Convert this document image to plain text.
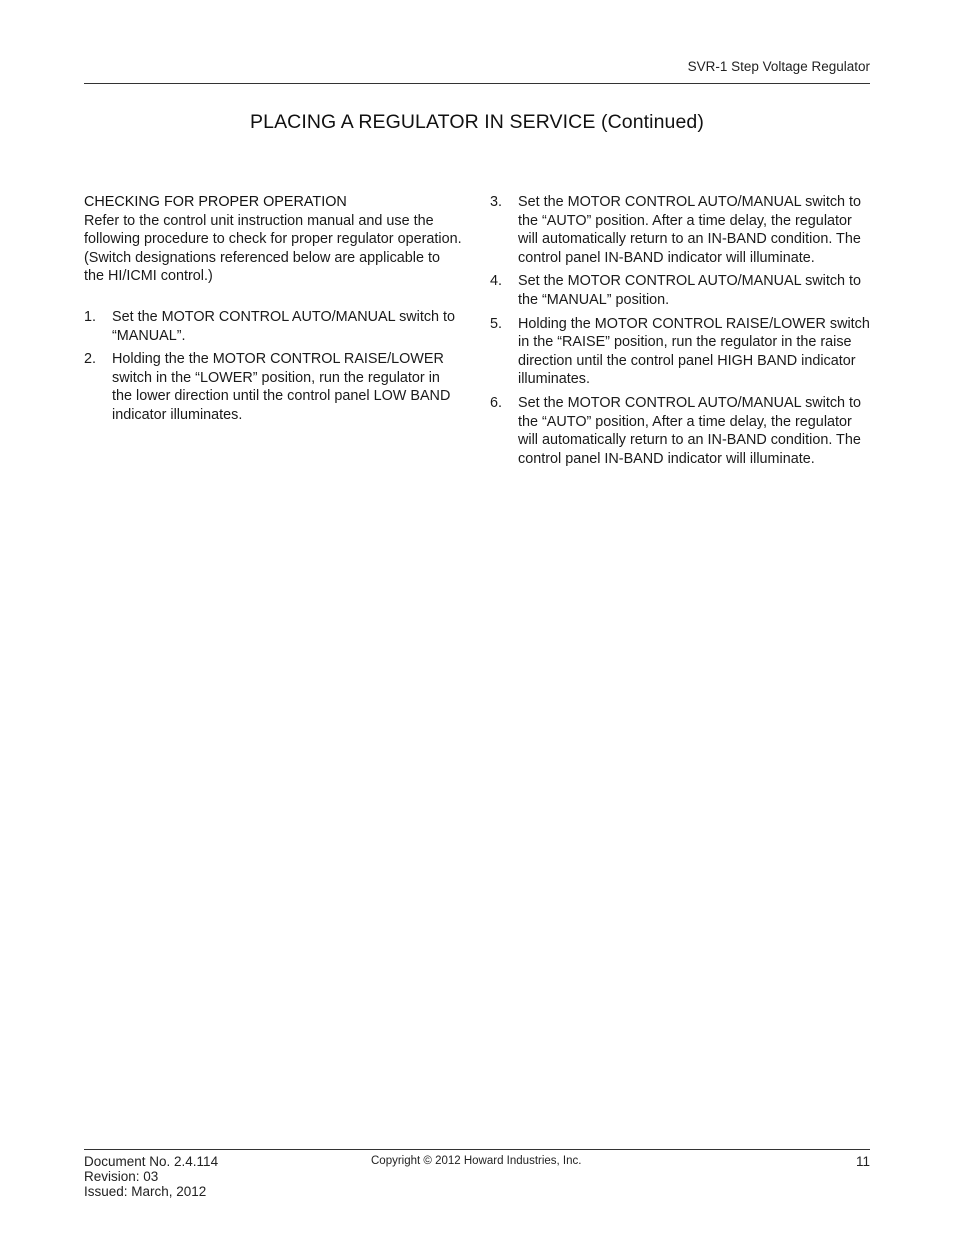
SVR-1 Step Voltage Regulator
PLACING A REGULATOR IN SERVICE (Continued)
CHECKING FOR PROPER OPERATION

Refer to the control unit instruction manual and use the following procedure to check for proper regulator operation. (Switch designations referenced below are applicable to the HI/ICMI control.)

1. Set the MOTOR CONTROL AUTO/MANUAL switch to “MANUAL”.
2. Holding the the MOTOR CONTROL RAISE/LOWER switch in the “LOWER” position, run the regulator in the lower direction until the control panel LOW BAND indicator illuminates.
3. Set the MOTOR CONTROL AUTO/MANUAL switch to the “AUTO” position. After a time delay, the regulator will automatically return to an IN-BAND condition. The control panel IN-BAND indicator will illuminate.
4. Set the MOTOR CONTROL AUTO/MANUAL switch to the “MANUAL” position.
5. Holding the MOTOR CONTROL RAISE/LOWER switch in the “RAISE” position, run the regulator in the raise direction until the control panel HIGH BAND indicator illuminates.
6. Set the MOTOR CONTROL AUTO/MANUAL switch to the “AUTO” position, After a time delay, the regulator will automatically return to an IN-BAND condition. The control panel IN-BAND indicator will illuminate.
Document No. 2.4.114
Revision: 03
Issued: March, 2012
Copyright © 2012 Howard Industries, Inc.	11
